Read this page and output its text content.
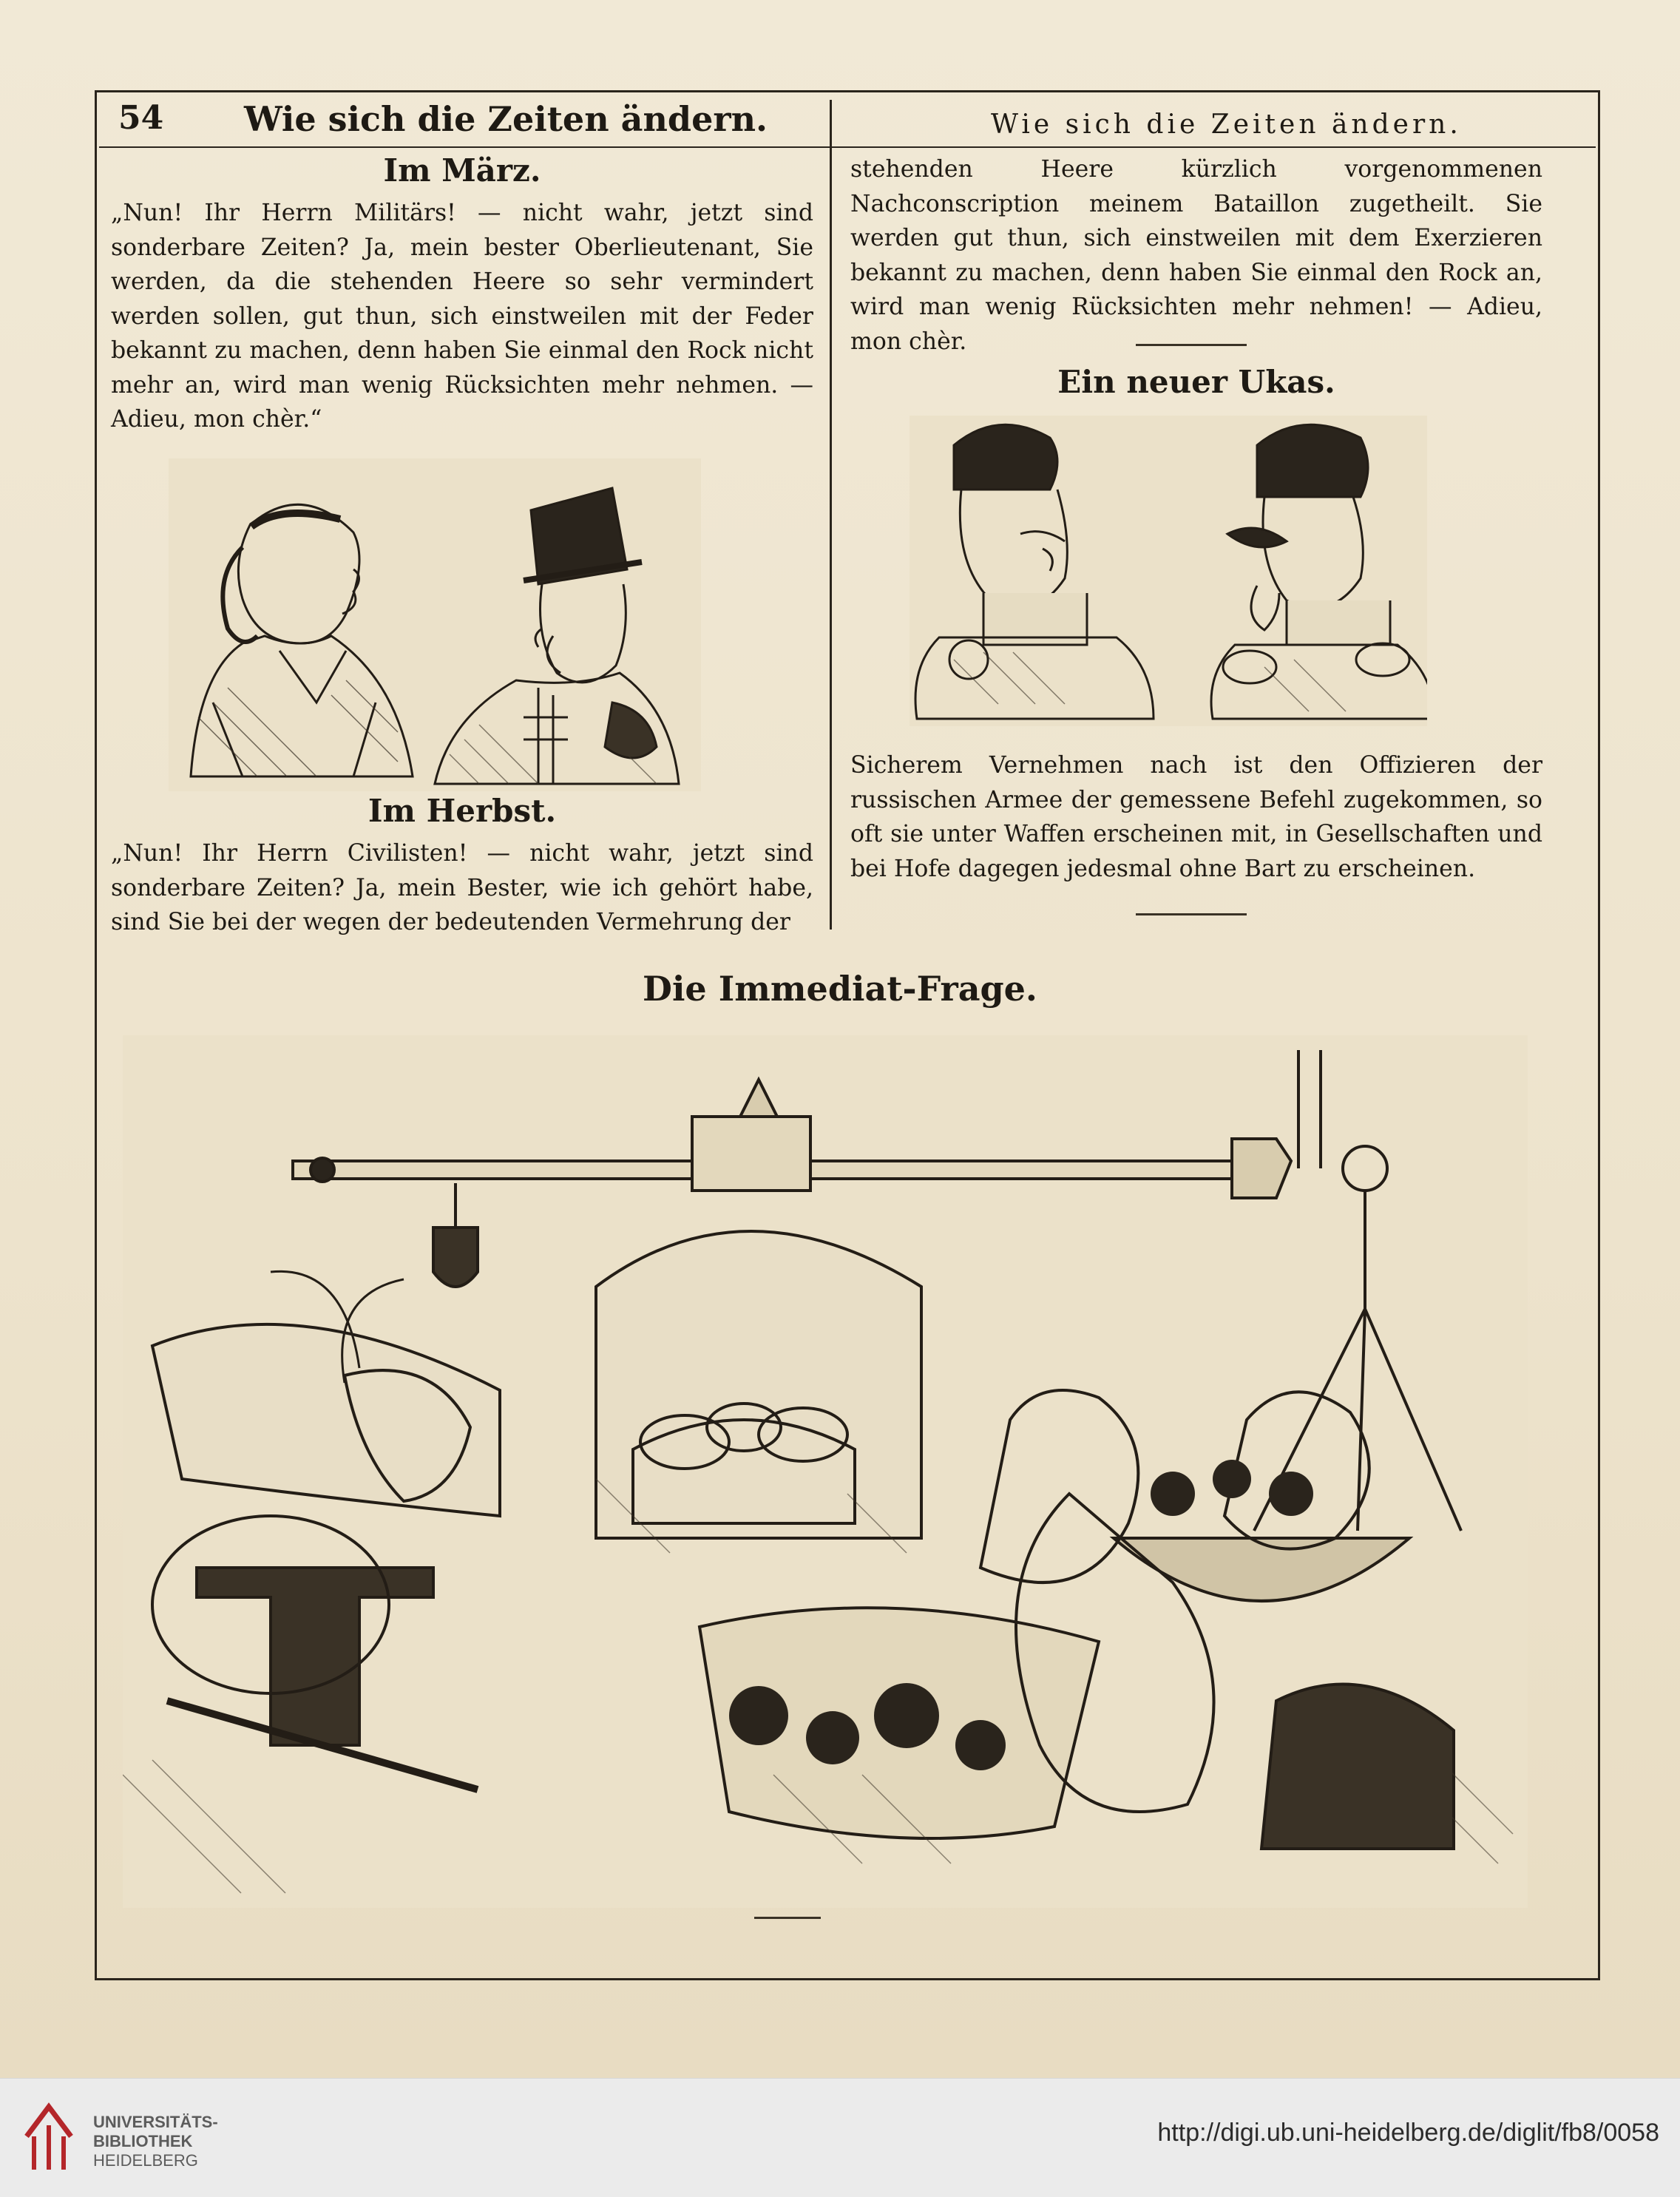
54 Wie sich die Zeiten ändern.	Wie sich die Zeiten ändern.
Im März.
„Nun! Ihr Herrn Militärs! — nicht wahr, jetzt sind sonderbare Zeiten? Ja, mein bester Oberlieutenant, Sie werden, da die stehenden Heere so sehr vermindert werden sollen, gut thun, sich einstweilen mit der Feder bekannt zu machen, denn haben Sie einmal den Rock nicht mehr an, wird man wenig Rücksichten mehr nehmen. — Adieu, mon chèr.“
Im Herbst.
„Nun! Ihr Herrn Civilisten! — nicht wahr, jetzt sind sonderbare Zeiten? Ja, mein Bester, wie ich gehört habe, sind Sie bei der wegen der bedeutenden Vermehrung der
stehenden Heere kürzlich vorgenommenen Nachconscription meinem Bataillon zugetheilt. Sie werden gut thun, sich einstweilen mit dem Exerzieren bekannt zu machen, denn haben Sie einmal den Rock an, wird man wenig Rücksichten mehr nehmen! — Adieu, mon chèr.
Ein neuer Ukas.
Sicherem Vernehmen nach ist den Offizieren der russischen Armee der gemessene Befehl zugekommen, so oft sie unter Waffen erscheinen mit, in Gesellschaften und bei Hofe dagegen jedesmal ohne Bart zu erscheinen.
Die Immediat-Frage.
UNIVERSITÄTS-
BIBLIOTHEK
HEIDELBERG
http://digi.ub.uni-heidelberg.de/diglit/fb8/0058
